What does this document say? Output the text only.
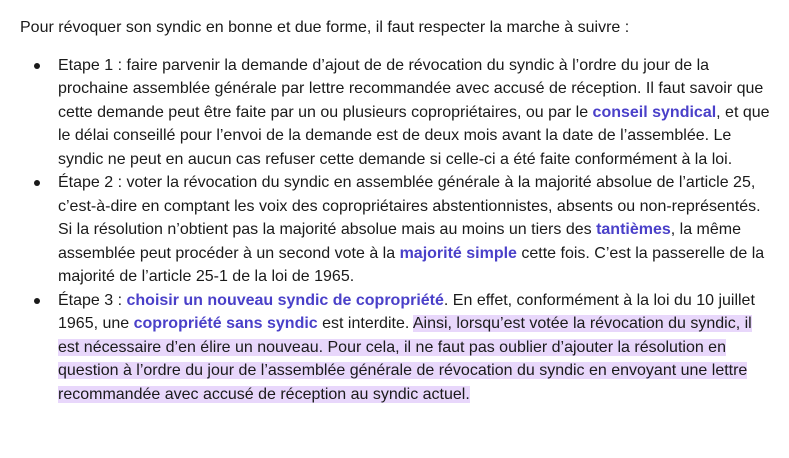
Pour révoquer son syndic en bonne et due forme, il faut respecter la marche à suivre :

Etape 1 : faire parvenir la demande d’ajout de de révocation du syndic à l’ordre du jour de la prochaine assemblée générale par lettre recommandée avec accusé de réception. Il faut savoir que cette demande peut être faite par un ou plusieurs copropriétaires, ou par le conseil syndical, et que le délai conseillé pour l’envoi de la demande est de deux mois avant la date de l’assemblée. Le syndic ne peut en aucun cas refuser cette demande si celle-ci a été faite conformément à la loi.
Étape 2 : voter la révocation du syndic en assemblée générale à la majorité absolue de l’article 25, c’est-à-dire en comptant les voix des copropriétaires abstentionnistes, absents ou non-représentés. Si la résolution n’obtient pas la majorité absolue mais au moins un tiers des tantièmes, la même assemblée peut procéder à un second vote à la majorité simple cette fois. C’est la passerelle de la majorité de l’article 25-1 de la loi de 1965.
Étape 3 : choisir un nouveau syndic de copropriété. En effet, conformément à la loi du 10 juillet 1965, une copropriété sans syndic est interdite. Ainsi, lorsqu’est votée la révocation du syndic, il est nécessaire d’en élire un nouveau. Pour cela, il ne faut pas oublier d’ajouter la résolution en question à l’ordre du jour de l’assemblée générale de révocation du syndic en envoyant une lettre recommandée avec accusé de réception au syndic actuel.
